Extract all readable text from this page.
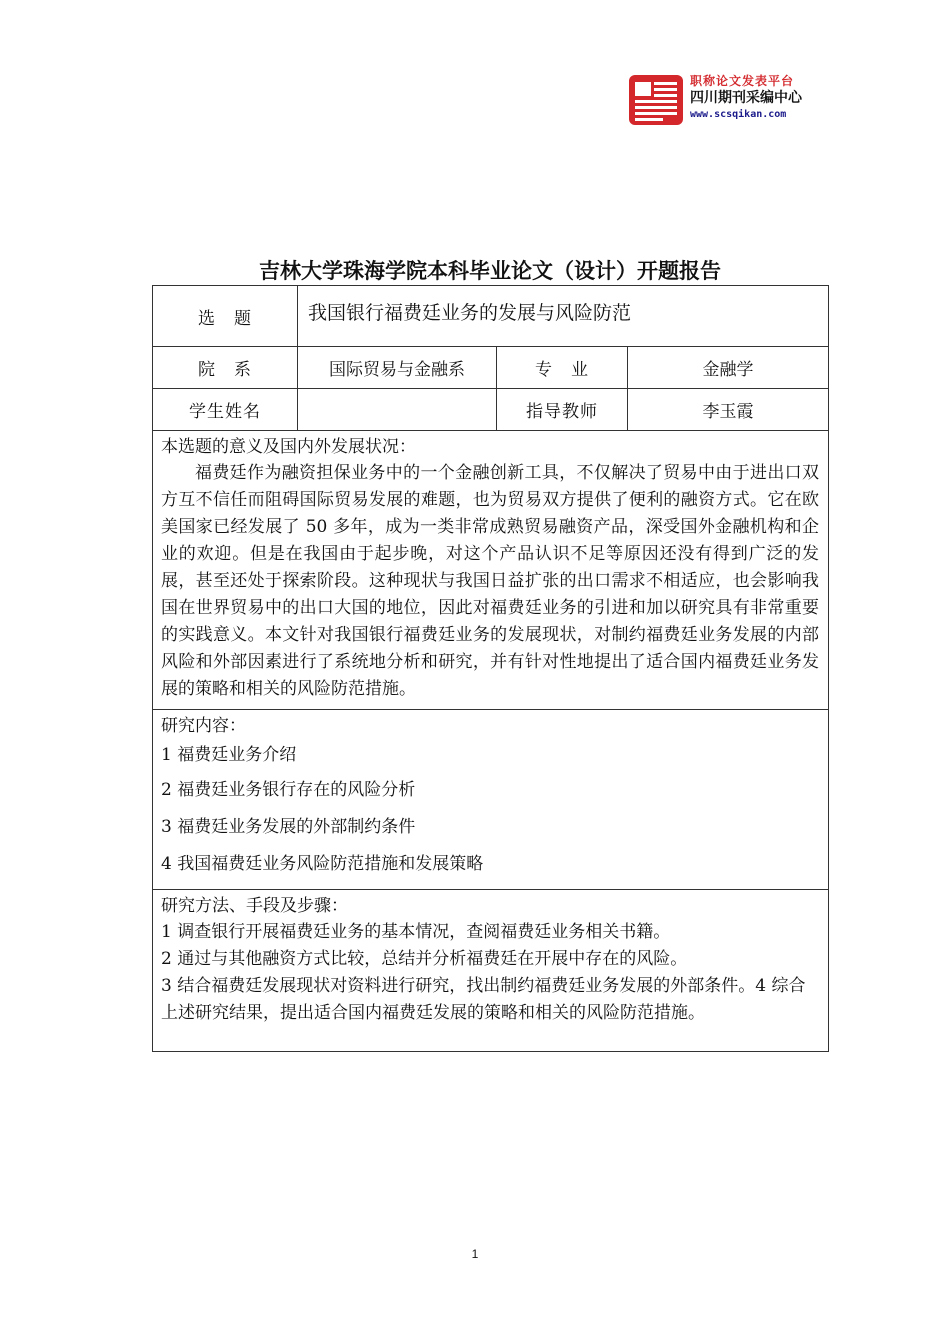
职称论文发表平台
四川期刊采编中心
www.scsqikan.com
吉林大学珠海学院本科毕业论文（设计）开题报告
选　题	我国银行福费廷业务的发展与风险防范		
院　系	国际贸易与金融系	专　业	金融学
学生姓名		指导教师	李玉霞

本选题的意义及国内外发展状况：
福费廷作为融资担保业务中的一个金融创新工具，不仅解决了贸易中由于进出口双方互不信任而阻碍国际贸易发展的难题，也为贸易双方提供了便利的融资方式。它在欧美国家已经发展了 50 多年，成为一类非常成熟贸易融资产品，深受国外金融机构和企业的欢迎。但是在我国由于起步晚，对这个产品认识不足等原因还没有得到广泛的发展，甚至还处于探索阶段。这种现状与我国日益扩张的出口需求不相适应，也会影响我国在世界贸易中的出口大国的地位，因此对福费廷业务的引进和加以研究具有非常重要的实践意义。本文针对我国银行福费廷业务的发展现状，对制约福费廷业务发展的内部风险和外部因素进行了系统地分析和研究，并有针对性地提出了适合国内福费廷业务发展的策略和相关的风险防范措施。			

研究内容：
1 福费廷业务介绍
2 福费廷业务银行存在的风险分析
3 福费廷业务发展的外部制约条件
4 我国福费廷业务风险防范措施和发展策略			

研究方法、手段及步骤：
1 调查银行开展福费廷业务的基本情况，查阅福费廷业务相关书籍。
2 通过与其他融资方式比较，总结并分析福费廷在开展中存在的风险。
3 结合福费廷发展现状对资料进行研究，找出制约福费廷业务发展的外部条件。4 综合上述研究结果，提出适合国内福费廷发展的策略和相关的风险防范措施。			
1
